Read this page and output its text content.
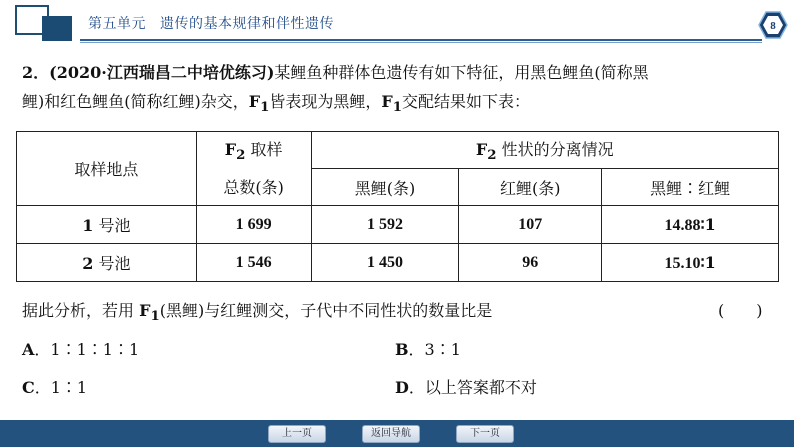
第五单元 遗传的基本规律和伴性遗传	8
2．(2020·江西瑞昌二中培优练习)某鲤鱼种群体色遗传有如下特征，用黑色鲤鱼(简称黑
鲤)和红色鲤鱼(简称红鲤)杂交，$F_1$皆表现为黑鲤，$F_1$交配结果如下表：
取样地点	$F_2$ 取样	$F_2$ 性状的分离情况		
	总数(条)	黑鲤(条)	红鲤(条)	黑鲤∶红鲤
1 号池	1 699	1 592	107	14.88∶1
2 号池	1 546	1 450	96	15.10∶1
据此分析，若用 $F_1$(黑鲤)与红鲤测交，子代中不同性状的数量比是	(　　)
A．1∶1∶1∶1	B．3∶1
C．1∶1	D．以上答案都不对
上一页	返回导航	下一页
